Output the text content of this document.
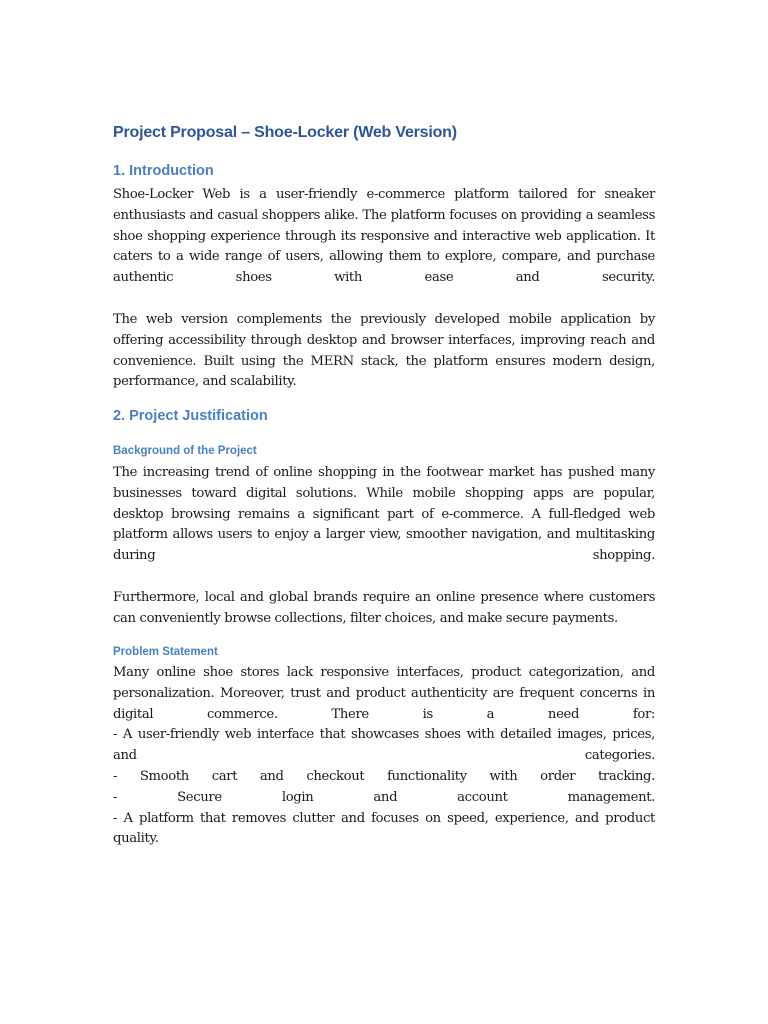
Project Proposal – Shoe-Locker (Web Version)
1. Introduction

Shoe-Locker Web is a user-friendly e-commerce platform tailored for sneaker
enthusiasts and casual shoppers alike. The platform focuses on providing a seamless
shoe shopping experience through its responsive and interactive web application. It
caters to a wide range of users, allowing them to explore, compare, and purchase
authentic shoes with ease and security.

The web version complements the previously developed mobile application by
offering accessibility through desktop and browser interfaces, improving reach and
convenience. Built using the MERN stack, the platform ensures modern design,
performance, and scalability.

2. Project Justification
Background of the Project

The increasing trend of online shopping in the footwear market has pushed many
businesses toward digital solutions. While mobile shopping apps are popular,
desktop browsing remains a significant part of e-commerce. A full-fledged web
platform allows users to enjoy a larger view, smoother navigation, and multitasking
during shopping.

Furthermore, local and global brands require an online presence where customers
can conveniently browse collections, filter choices, and make secure payments.

Problem Statement

Many online shoe stores lack responsive interfaces, product categorization, and
personalization. Moreover, trust and product authenticity are frequent concerns in
digital commerce. There is a need for:
- A user-friendly web interface that showcases shoes with detailed images, prices,
and categories.
- Smooth cart and checkout functionality with order tracking.
- Secure login and account management.
- A platform that removes clutter and focuses on speed, experience, and product
quality.
